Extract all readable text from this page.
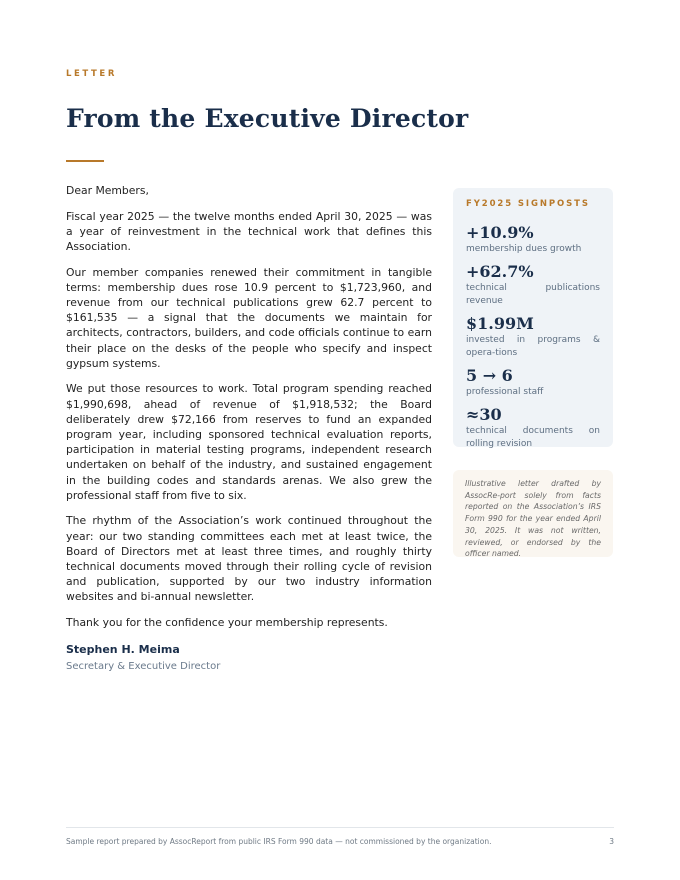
LETTER
From the Executive Director

Dear Members,

Fiscal year 2025 — the twelve months ended April 30, 2025 — was a year of reinvestment in the technical work that defines this Association.

Our member companies renewed their commitment in tangible terms: membership dues rose 10.9 percent to $1,723,960, and revenue from our technical publications grew 62.7 percent to $161,535 — a signal that the documents we maintain for architects, contractors, builders, and code officials continue to earn their place on the desks of the people who specify and inspect gypsum systems.

We put those resources to work. Total program spending reached $1,990,698, ahead of revenue of $1,918,532; the Board deliberately drew $72,166 from reserves to fund an expanded program year, including sponsored technical evaluation reports, participation in material testing programs, independent research undertaken on behalf of the industry, and sustained engagement in the building codes and standards arenas. We also grew the professional staff from five to six.

The rhythm of the Association’s work continued throughout the year: our two standing committees each met at least twice, the Board of Directors met at least three times, and roughly thirty technical documents moved through their rolling cycle of revision and publication, supported by our two industry information websites and bi-annual newsletter.

Thank you for the confidence your membership represents.

Stephen H. Meima
Secretary & Executive Director
FY2025 SIGNPOSTS
+10.9%
membership dues growth
+62.7%
technical publications revenue
$1.99M
invested in programs & opera-tions
5 → 6
professional staff
≈30
technical documents on rolling revision
Illustrative letter drafted by AssocRe-port solely from facts reported on the Association’s IRS Form 990 for the year ended April 30, 2025. It was not written, reviewed, or endorsed by the officer named.
Sample report prepared by AssocReport from public IRS Form 990 data — not commissioned by the organization.	3
